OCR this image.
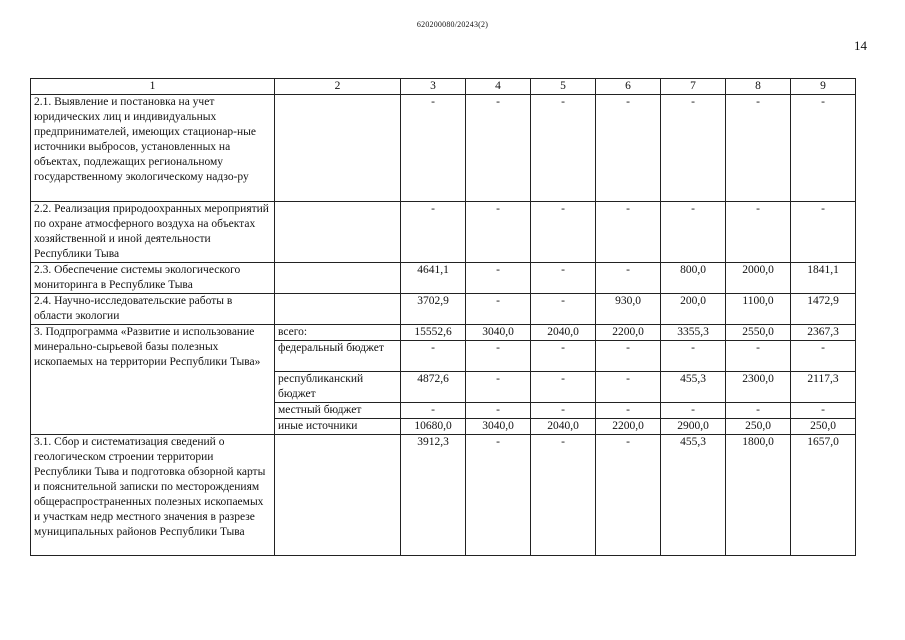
620200080/20243(2)
14
1	2	3	4	5	6	7	8	9
2.1. Выявление и постановка на учет юридических лиц и индивидуальных предпринимателей, имеющих стационар-ные источники выбросов, установленных на объектах, подлежащих региональному государственному экологическому надзо-ру		-	-	-	-	-	-	-
2.2. Реализация природоохранных мероприятий по охране атмосферного воздуха на объектах хозяйственной и иной деятельности Республики Тыва		-	-	-	-	-	-	-
2.3. Обеспечение системы экологического мониторинга в Республике Тыва		4641,1	-	-	-	800,0	2000,0	1841,1
2.4. Научно-исследовательские работы в области экологии		3702,9	-	-	930,0	200,0	1100,0	1472,9
3. Подпрограмма «Развитие и использование минерально-сырьевой базы полезных ископаемых на территории Республики Тыва»	всего:	15552,6	3040,0	2040,0	2200,0	3355,3	2550,0	2367,3
	федеральный бюджет	-	-	-	-	-	-	-
	республиканский бюджет	4872,6	-	-	-	455,3	2300,0	2117,3
	местный бюджет	-	-	-	-	-	-	-
	иные источники	10680,0	3040,0	2040,0	2200,0	2900,0	250,0	250,0
3.1. Сбор и систематизация сведений о геологическом строении территории Республики Тыва и подготовка обзорной карты и пояснительной записки по месторождениям общераспространенных полезных ископаемых и участкам недр местного значения в разрезе муниципальных районов Республики Тыва		3912,3	-	-	-	455,3	1800,0	1657,0
